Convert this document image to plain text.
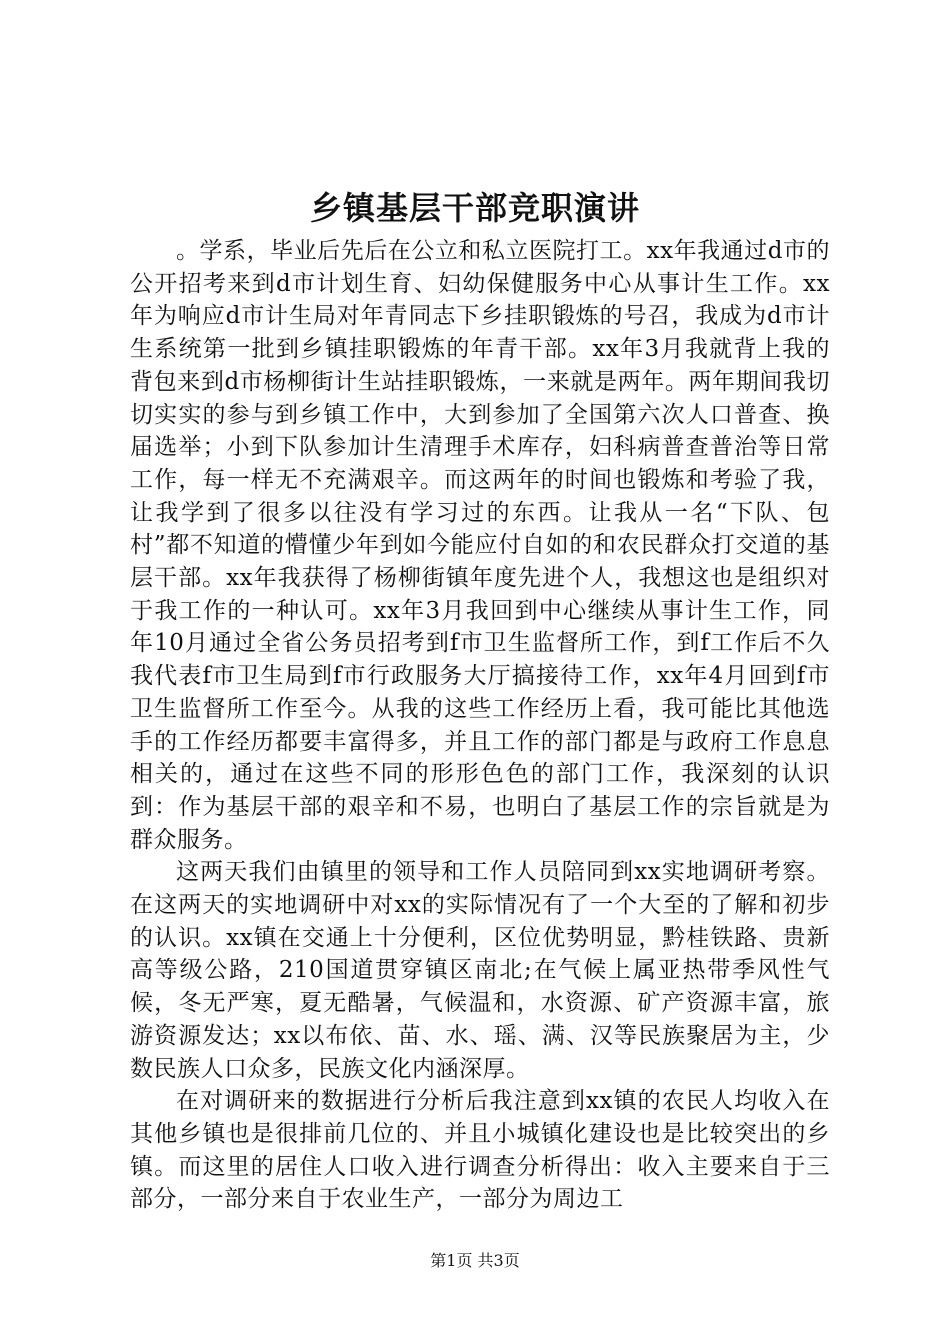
乡镇基层干部竞职演讲

。学系，毕业后先后在公立和私立医院打工。xx年我通过d市的公开招考来到d市计划生育、妇幼保健服务中心从事计生工作。xx年为响应d市计生局对年青同志下乡挂职锻炼的号召，我成为d市计生系统第一批到乡镇挂职锻炼的年青干部。xx年3月我就背上我的背包来到d市杨柳街计生站挂职锻炼，一来就是两年。两年期间我切切实实的参与到乡镇工作中，大到参加了全国第六次人口普查、换届选举；小到下队参加计生清理手术库存，妇科病普查普治等日常工作，每一样无不充满艰辛。而这两年的时间也锻炼和考验了我，让我学到了很多以往没有学习过的东西。让我从一名“下队、包村”都不知道的懵懂少年到如今能应付自如的和农民群众打交道的基层干部。xx年我获得了杨柳街镇年度先进个人，我想这也是组织对于我工作的一种认可。xx年3月我回到中心继续从事计生工作，同年10月通过全省公务员招考到f市卫生监督所工作，到f工作后不久我代表f市卫生局到f市行政服务大厅搞接待工作，xx年4月回到f市卫生监督所工作至今。从我的这些工作经历上看，我可能比其他选手的工作经历都要丰富得多，并且工作的部门都是与政府工作息息相关的，通过在这些不同的形形色色的部门工作，我深刻的认识到：作为基层干部的艰辛和不易，也明白了基层工作的宗旨就是为群众服务。

这两天我们由镇里的领导和工作人员陪同到xx实地调研考察。在这两天的实地调研中对xx的实际情况有了一个大至的了解和初步的认识。xx镇在交通上十分便利，区位优势明显，黔桂铁路、贵新高等级公路，210国道贯穿镇区南北;在气候上属亚热带季风性气候，冬无严寒，夏无酷暑，气候温和，水资源、矿产资源丰富，旅游资源发达；xx以布依、苗、水、瑶、满、汉等民族聚居为主，少数民族人口众多，民族文化内涵深厚。

在对调研来的数据进行分析后我注意到xx镇的农民人均收入在其他乡镇也是很排前几位的、并且小城镇化建设也是比较突出的乡镇。而这里的居住人口收入进行调查分析得出：收入主要来自于三部分，一部分来自于农业生产，一部分为周边工

第1页 共3页
